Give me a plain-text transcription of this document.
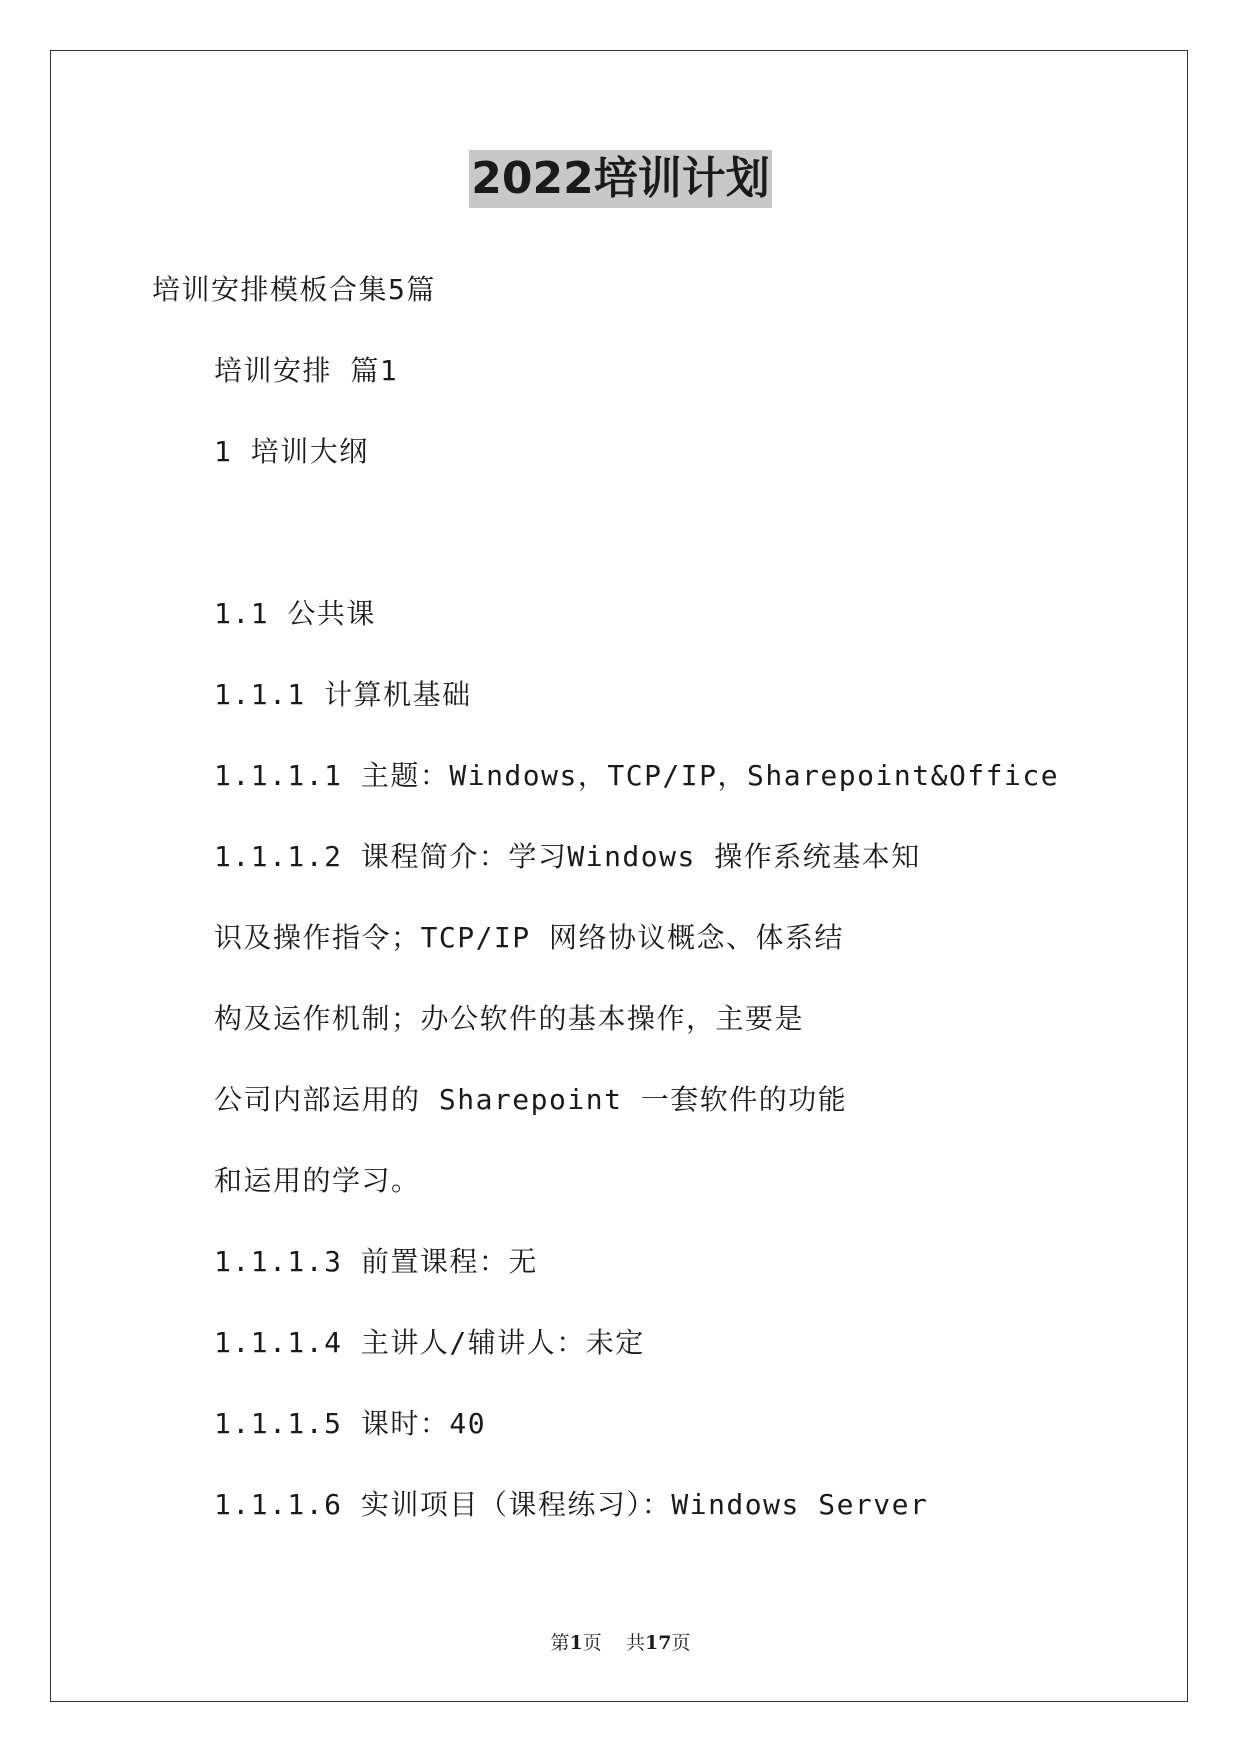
2022培训计划
培训安排模板合集5篇
培训安排 篇1
1 培训大纲
1.1 公共课
1.1.1 计算机基础
1.1.1.1 主题：Windows，TCP/IP，Sharepoint&Office
1.1.1.2 课程简介：学习Windows 操作系统基本知
识及操作指令；TCP/IP 网络协议概念、体系结
构及运作机制；办公软件的基本操作，主要是
公司内部运用的 Sharepoint 一套软件的功能
和运用的学习。
1.1.1.3 前置课程：无
1.1.1.4 主讲人/辅讲人：未定
1.1.1.5 课时：40
1.1.1.6 实训项目（课程练习）：Windows Server
第1页 共17页
